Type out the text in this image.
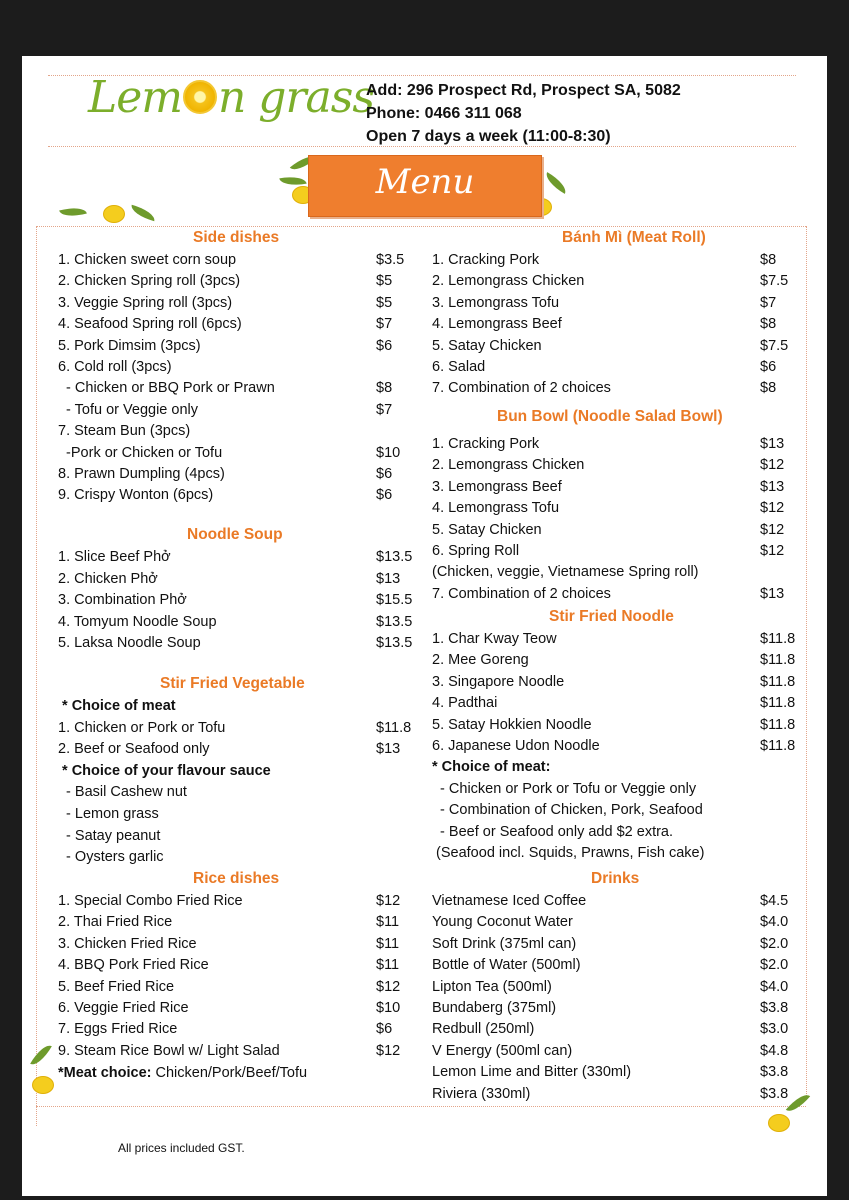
Lem n grass
Add: 296 Prospect Rd, Prospect SA, 5082
Phone: 0466 311 068
Open 7 days a week (11:00-8:30)
Menu
Side dishes
Noodle Soup
Stir Fried Vegetable
Rice dishes
Bánh Mì (Meat Roll)
Bun Bowl (Noodle Salad Bowl)
Stir Fried Noodle
Drinks
1. Chicken sweet corn soup	$3.5
2. Chicken Spring roll (3pcs)	$5
3. Veggie Spring roll (3pcs)	$5
4. Seafood Spring roll (6pcs)	$7
5. Pork Dimsim (3pcs)	$6
6. Cold roll (3pcs)
- Chicken or BBQ Pork or Prawn	$8
- Tofu or Veggie only	$7
7. Steam Bun (3pcs)
-Pork or Chicken or Tofu	$10
8. Prawn Dumpling (4pcs)	$6
9. Crispy Wonton (6pcs)	$6
1. Slice Beef Phở	$13.5
2. Chicken Phở	$13
3. Combination Phở	$15.5
4. Tomyum Noodle Soup	$13.5
5. Laksa Noodle Soup	$13.5
* Choice of meat
1. Chicken or Pork or Tofu	$11.8
2. Beef or Seafood only	$13
* Choice of your flavour sauce
- Basil Cashew nut
- Lemon grass
- Satay peanut
- Oysters garlic
1. Special Combo Fried Rice	$12
2. Thai Fried Rice	$11
3. Chicken Fried Rice	$11
4. BBQ Pork Fried Rice	$11
5. Beef Fried Rice	$12
6. Veggie Fried Rice	$10
7. Eggs Fried Rice	$6
9. Steam Rice Bowl w/ Light Salad	$12
1. Cracking Pork	$8
2. Lemongrass Chicken	$7.5
3. Lemongrass Tofu	$7
4. Lemongrass Beef	$8
5. Satay Chicken	$7.5
6. Salad	$6
7. Combination of 2 choices	$8
1. Cracking Pork	$13
2. Lemongrass Chicken	$12
3. Lemongrass Beef	$13
4. Lemongrass Tofu	$12
5. Satay Chicken	$12
6. Spring Roll	$12
(Chicken, veggie, Vietnamese Spring roll)
7. Combination of 2 choices	$13
1. Char Kway Teow	$11.8
2. Mee Goreng	$11.8
3. Singapore Noodle	$11.8
4. Padthai	$11.8
5. Satay Hokkien Noodle	$11.8
6. Japanese Udon Noodle	$11.8
* Choice of meat:
- Chicken or Pork or Tofu or Veggie only
- Combination of Chicken, Pork, Seafood
- Beef or Seafood only add $2 extra.
(Seafood incl. Squids, Prawns, Fish cake)
Vietnamese Iced Coffee	$4.5
Young Coconut Water	$4.0
Soft Drink (375ml can)	$2.0
Bottle of Water (500ml)	$2.0
Lipton Tea (500ml)	$4.0
Bundaberg (375ml)	$3.8
Redbull (250ml)	$3.0
V Energy (500ml can)	$4.8
Lemon Lime and Bitter (330ml)	$3.8
Riviera (330ml)	$3.8
*Meat choice: Chicken/Pork/Beef/Tofu
All prices included GST.
